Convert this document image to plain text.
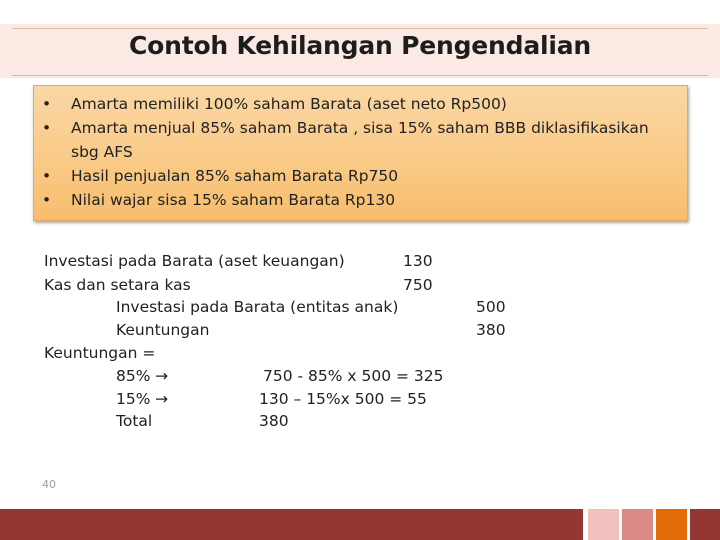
Contoh Kehilangan Pengendalian
• Amarta memiliki 100% saham Barata (aset neto Rp500)
• Amarta menjual 85% saham Barata , sisa 15% saham BBB diklasifikasikan sbg AFS
• Hasil penjualan 85% saham Barata Rp750
• Nilai wajar sisa 15% saham Barata Rp130
Investasi pada Barata (aset keuangan)	130
Kas dan setara kas	750
Investasi pada Barata (entitas anak)	500
Keuntungan	380
Keuntungan =
85% →	750 - 85% x 500 = 325
15% →	130 – 15%x 500 = 55
Total	380
40
